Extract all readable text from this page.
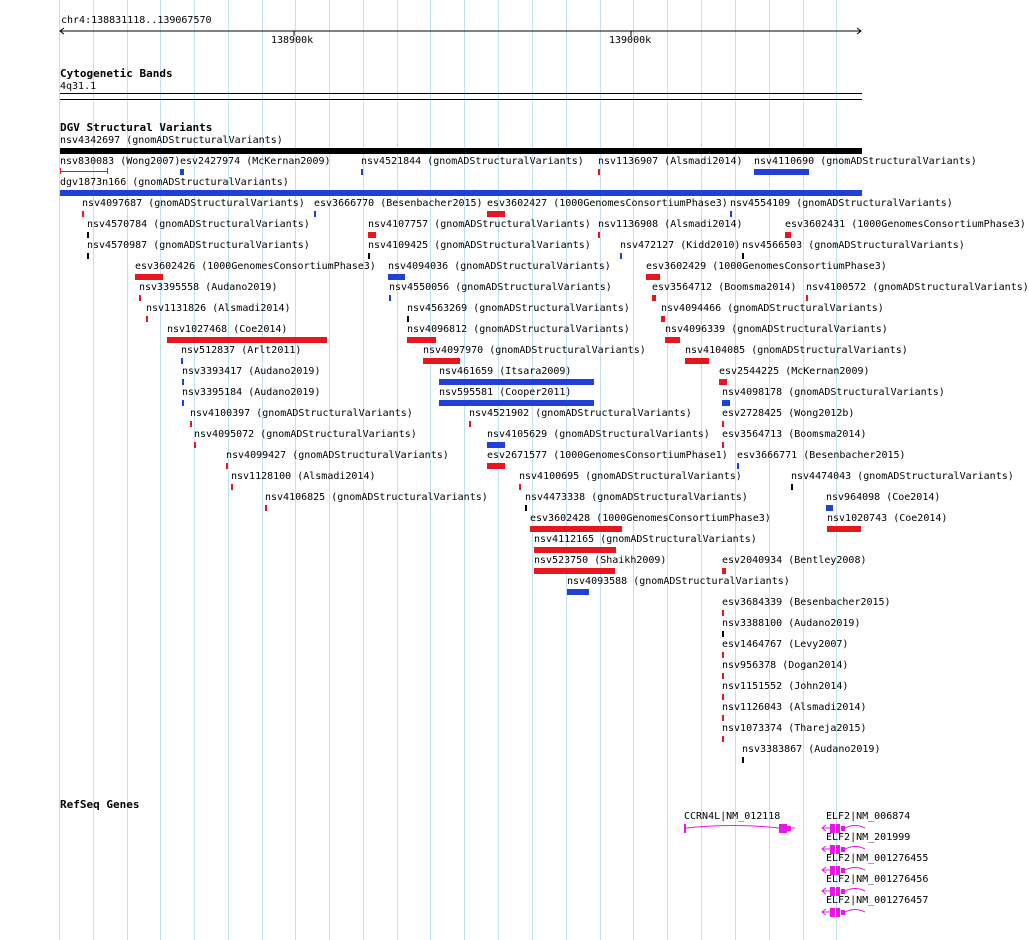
chr4:138831118..139067570
138900k	139000k
Cytogenetic Bands
4q31.1
DGV Structural Variants
nsv4342697 (gnomADStructuralVariants)
nsv830083 (Wong2007) esv2427974 (McKernan2009)	nsv4521844 (gnomADStructuralVariants) nsv1136907 (Alsmadi2014) nsv4110690 (gnomADStructuralVariants)
dgv1873n166 (gnomADStructuralVariants)
nsv4097687 (gnomADStructuralVariants) esv3666770 (Besenbacher2015) esv3602427 (1000GenomesConsortiumPhase3) nsv4554109 (gnomADStructuralVariants)
nsv4570784 (gnomADStructuralVariants)	nsv4107757 (gnomADStructuralVariants) nsv1136908 (Alsmadi2014)	esv3602431 (1000GenomesConsortiumPhase3)
nsv4570987 (gnomADStructuralVariants)	nsv4109425 (gnomADStructuralVariants)	nsv472127 (Kidd2010) nsv4566503 (gnomADStructuralVariants)
esv3602426 (1000GenomesConsortiumPhase3) nsv4094036 (gnomADStructuralVariants)	esv3602429 (1000GenomesConsortiumPhase3)
nsv3395558 (Audano2019)	nsv4550056 (gnomADStructuralVariants)	esv3564712 (Boomsma2014) nsv4100572 (gnomADStructuralVariants)
nsv1131826 (Alsmadi2014)	nsv4563269 (gnomADStructuralVariants)	nsv4094466 (gnomADStructuralVariants)
nsv1027468 (Coe2014)	nsv4096812 (gnomADStructuralVariants)	nsv4096339 (gnomADStructuralVariants)
nsv512837 (Arlt2011)	nsv4097970 (gnomADStructuralVariants)	nsv4104085 (gnomADStructuralVariants)
nsv3393417 (Audano2019)	nsv461659 (Itsara2009)	esv2544225 (McKernan2009)
nsv3395184 (Audano2019)	nsv595581 (Cooper2011)	nsv4098178 (gnomADStructuralVariants)
nsv4100397 (gnomADStructuralVariants)	nsv4521902 (gnomADStructuralVariants)	esv2728425 (Wong2012b)
nsv4095072 (gnomADStructuralVariants)	nsv4105629 (gnomADStructuralVariants) esv3564713 (Boomsma2014)
nsv4099427 (gnomADStructuralVariants)	esv2671577 (1000GenomesConsortiumPhase1) esv3666771 (Besenbacher2015)
nsv1128100 (Alsmadi2014)	nsv4100695 (gnomADStructuralVariants)	nsv4474043 (gnomADStructuralVariants)
nsv4106825 (gnomADStructuralVariants)	nsv4473338 (gnomADStructuralVariants)	nsv964098 (Coe2014)
esv3602428 (1000GenomesConsortiumPhase3)	nsv1020743 (Coe2014)
nsv4112165 (gnomADStructuralVariants)
nsv523750 (Shaikh2009)	esv2040934 (Bentley2008)
nsv4093588 (gnomADStructuralVariants)
esv3684339 (Besenbacher2015)
nsv3388100 (Audano2019)
esv1464767 (Levy2007)
nsv956378 (Dogan2014)
nsv1151552 (John2014)
nsv1126043 (Alsmadi2014)
nsv1073374 (Thareja2015)
nsv3383867 (Audano2019)
RefSeq Genes
CCRN4L|NM_012118	ELF2|NM_006874
ELF2|NM_201999
ELF2|NM_001276455
ELF2|NM_001276456
ELF2|NM_001276457
